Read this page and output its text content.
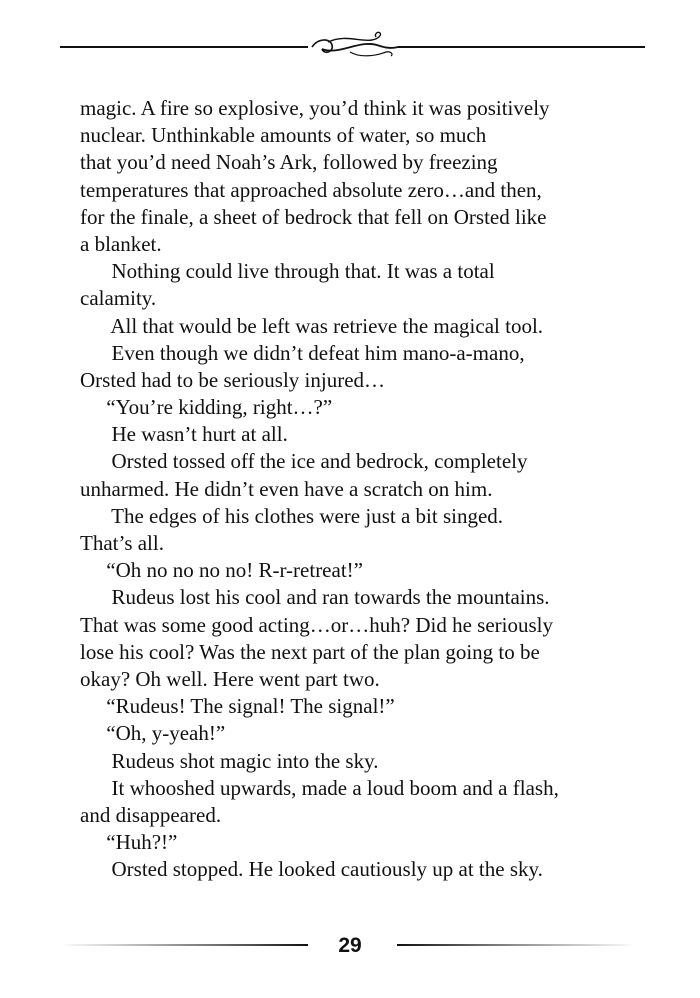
magic. A fire so explosive, you’d think it was positively
nuclear. Unthinkable amounts of water, so much
that you’d need Noah’s Ark, followed by freezing
temperatures that approached absolute zero…and then,
for the finale, a sheet of bedrock that fell on Orsted like
a blanket.
Nothing could live through that. It was a total
calamity.
All that would be left was retrieve the magical tool.
Even though we didn’t defeat him mano-a-mano,
Orsted had to be seriously injured…
“You’re kidding, right…?”
He wasn’t hurt at all.
Orsted tossed off the ice and bedrock, completely
unharmed. He didn’t even have a scratch on him.
The edges of his clothes were just a bit singed.
That’s all.
“Oh no no no no! R-r-retreat!”
Rudeus lost his cool and ran towards the mountains.
That was some good acting…or…huh? Did he seriously
lose his cool? Was the next part of the plan going to be
okay? Oh well. Here went part two.
“Rudeus! The signal! The signal!”
“Oh, y-yeah!”
Rudeus shot magic into the sky.
It whooshed upwards, made a loud boom and a flash,
and disappeared.
“Huh?!”
Orsted stopped. He looked cautiously up at the sky.
29
